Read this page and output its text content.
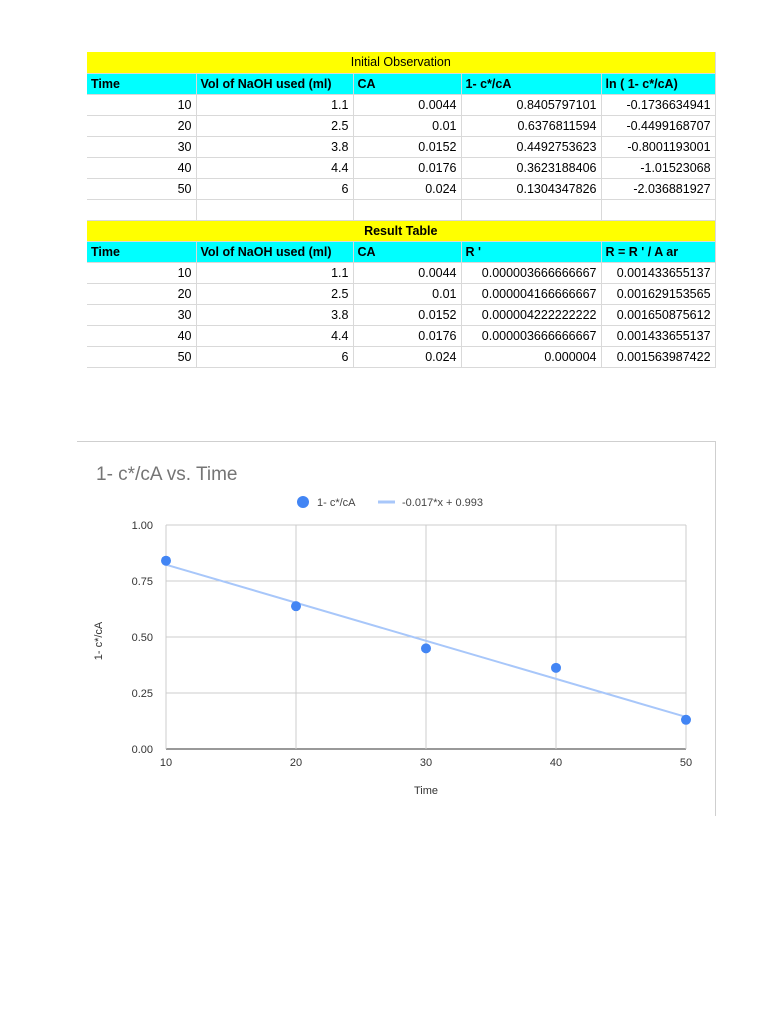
Initial Observation				
Time	Vol of NaOH used (ml)	CA	1- c*/cA	ln ( 1- c*/cA)
10	1.1	0.0044	0.8405797101	-0.1736634941
20	2.5	0.01	0.6376811594	-0.4499168707
30	3.8	0.0152	0.4492753623	-0.8001193001
40	4.4	0.0176	0.3623188406	-1.01523068
50	6	0.024	0.1304347826	-2.036881927

Result Table				
Time	Vol of NaOH used (ml)	CA	R '	R = R ' / A ar
10	1.1	0.0044	0.000003666666667	0.001433655137
20	2.5	0.01	0.000004166666667	0.001629153565
30	3.8	0.0152	0.000004222222222	0.001650875612
40	4.4	0.0176	0.000003666666667	0.001433655137
50	6	0.024	0.000004	0.001563987422
1- c*/cA vs. Time
1- c*/cA	-0.017*x + 0.993
0.00
0.25
0.50
0.75
1.00
10	20	30	40	50
1- c*/cA
Time
